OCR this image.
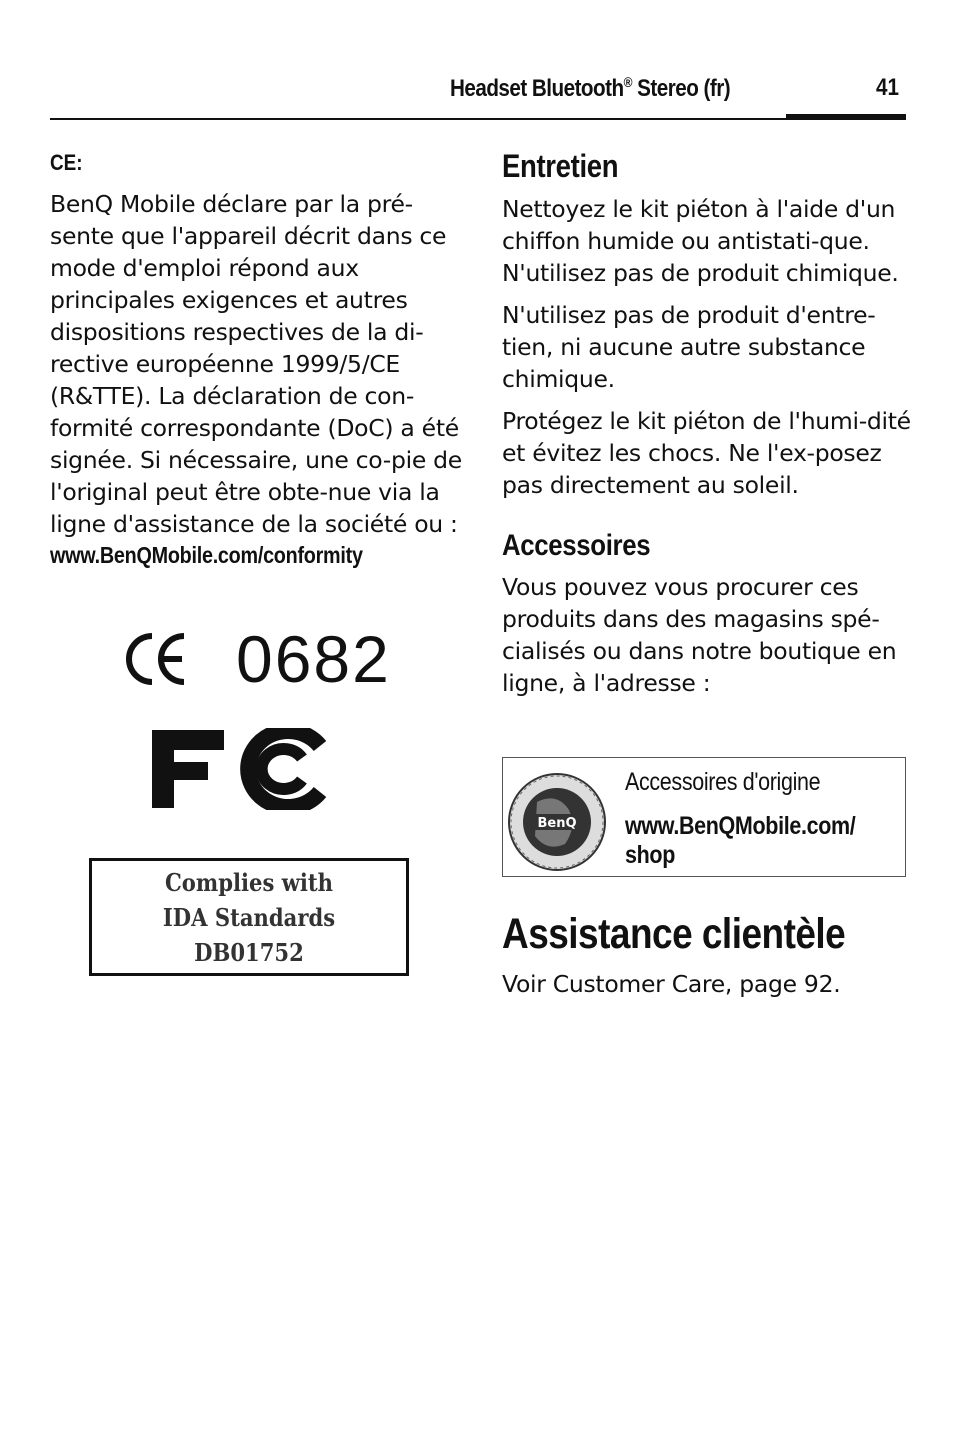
Headset Bluetooth® Stereo (fr)	41

CE:

BenQ Mobile déclare par la pré-sente que l'appareil décrit dans ce mode d'emploi répond aux principales exigences et autres dispositions respectives de la di-rective européenne 1999/5/CE (R&TTE). La déclaration de con-formité correspondante (DoC) a été signée. Si nécessaire, une co-pie de l'original peut être obte-nue via la ligne d'assistance de la société ou :

www.BenQMobile.com/conformity

0682
Complies with
IDA Standards
DB01752
Entretien

Nettoyez le kit piéton à l'aide d'un chiffon humide ou antistati-que. N'utilisez pas de produit chimique.

N'utilisez pas de produit d'entre-tien, ni aucune autre substance chimique.

Protégez le kit piéton de l'humi-dité et évitez les chocs. Ne l'ex-posez pas directement au soleil.

Accessoires

Vous pouvez vous procurer ces produits dans des magasins spé-cialisés ou dans notre boutique en ligne, à l'adresse :

BenQ
Accessoires d'origine
www.BenQMobile.com/
shop
Assistance clientèle

Voir Customer Care, page 92.
